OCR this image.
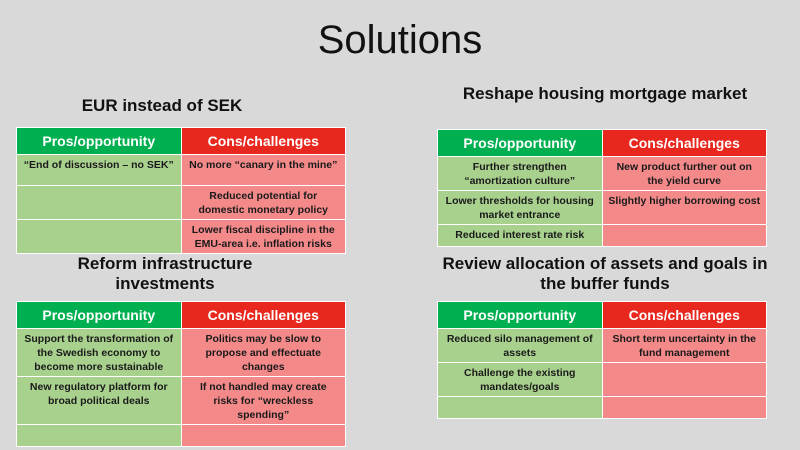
Solutions
EUR instead of SEK
Pros/opportunity	Cons/challenges
“End of discussion – no SEK”	No more “canary in the mine”
	Reduced potential for domestic monetary policy
	Lower fiscal discipline in the EMU-area i.e. inflation risks
Reshape housing mortgage market
Pros/opportunity	Cons/challenges
Further strengthen “amortization culture”	New product further out on the yield curve
Lower thresholds for housing market entrance	Slightly higher borrowing cost
Reduced interest rate risk	
Reform infrastructure investments
Pros/opportunity	Cons/challenges
Support the transformation of the Swedish economy to become more sustainable	Politics may be slow to propose and effectuate changes
New regulatory platform for broad political deals	If not handled may create risks for “wreckless spending”

Review allocation of assets and goals in the buffer funds
Pros/opportunity	Cons/challenges
Reduced silo management of assets	Short term uncertainty in the fund management
Challenge the existing mandates/goals	
